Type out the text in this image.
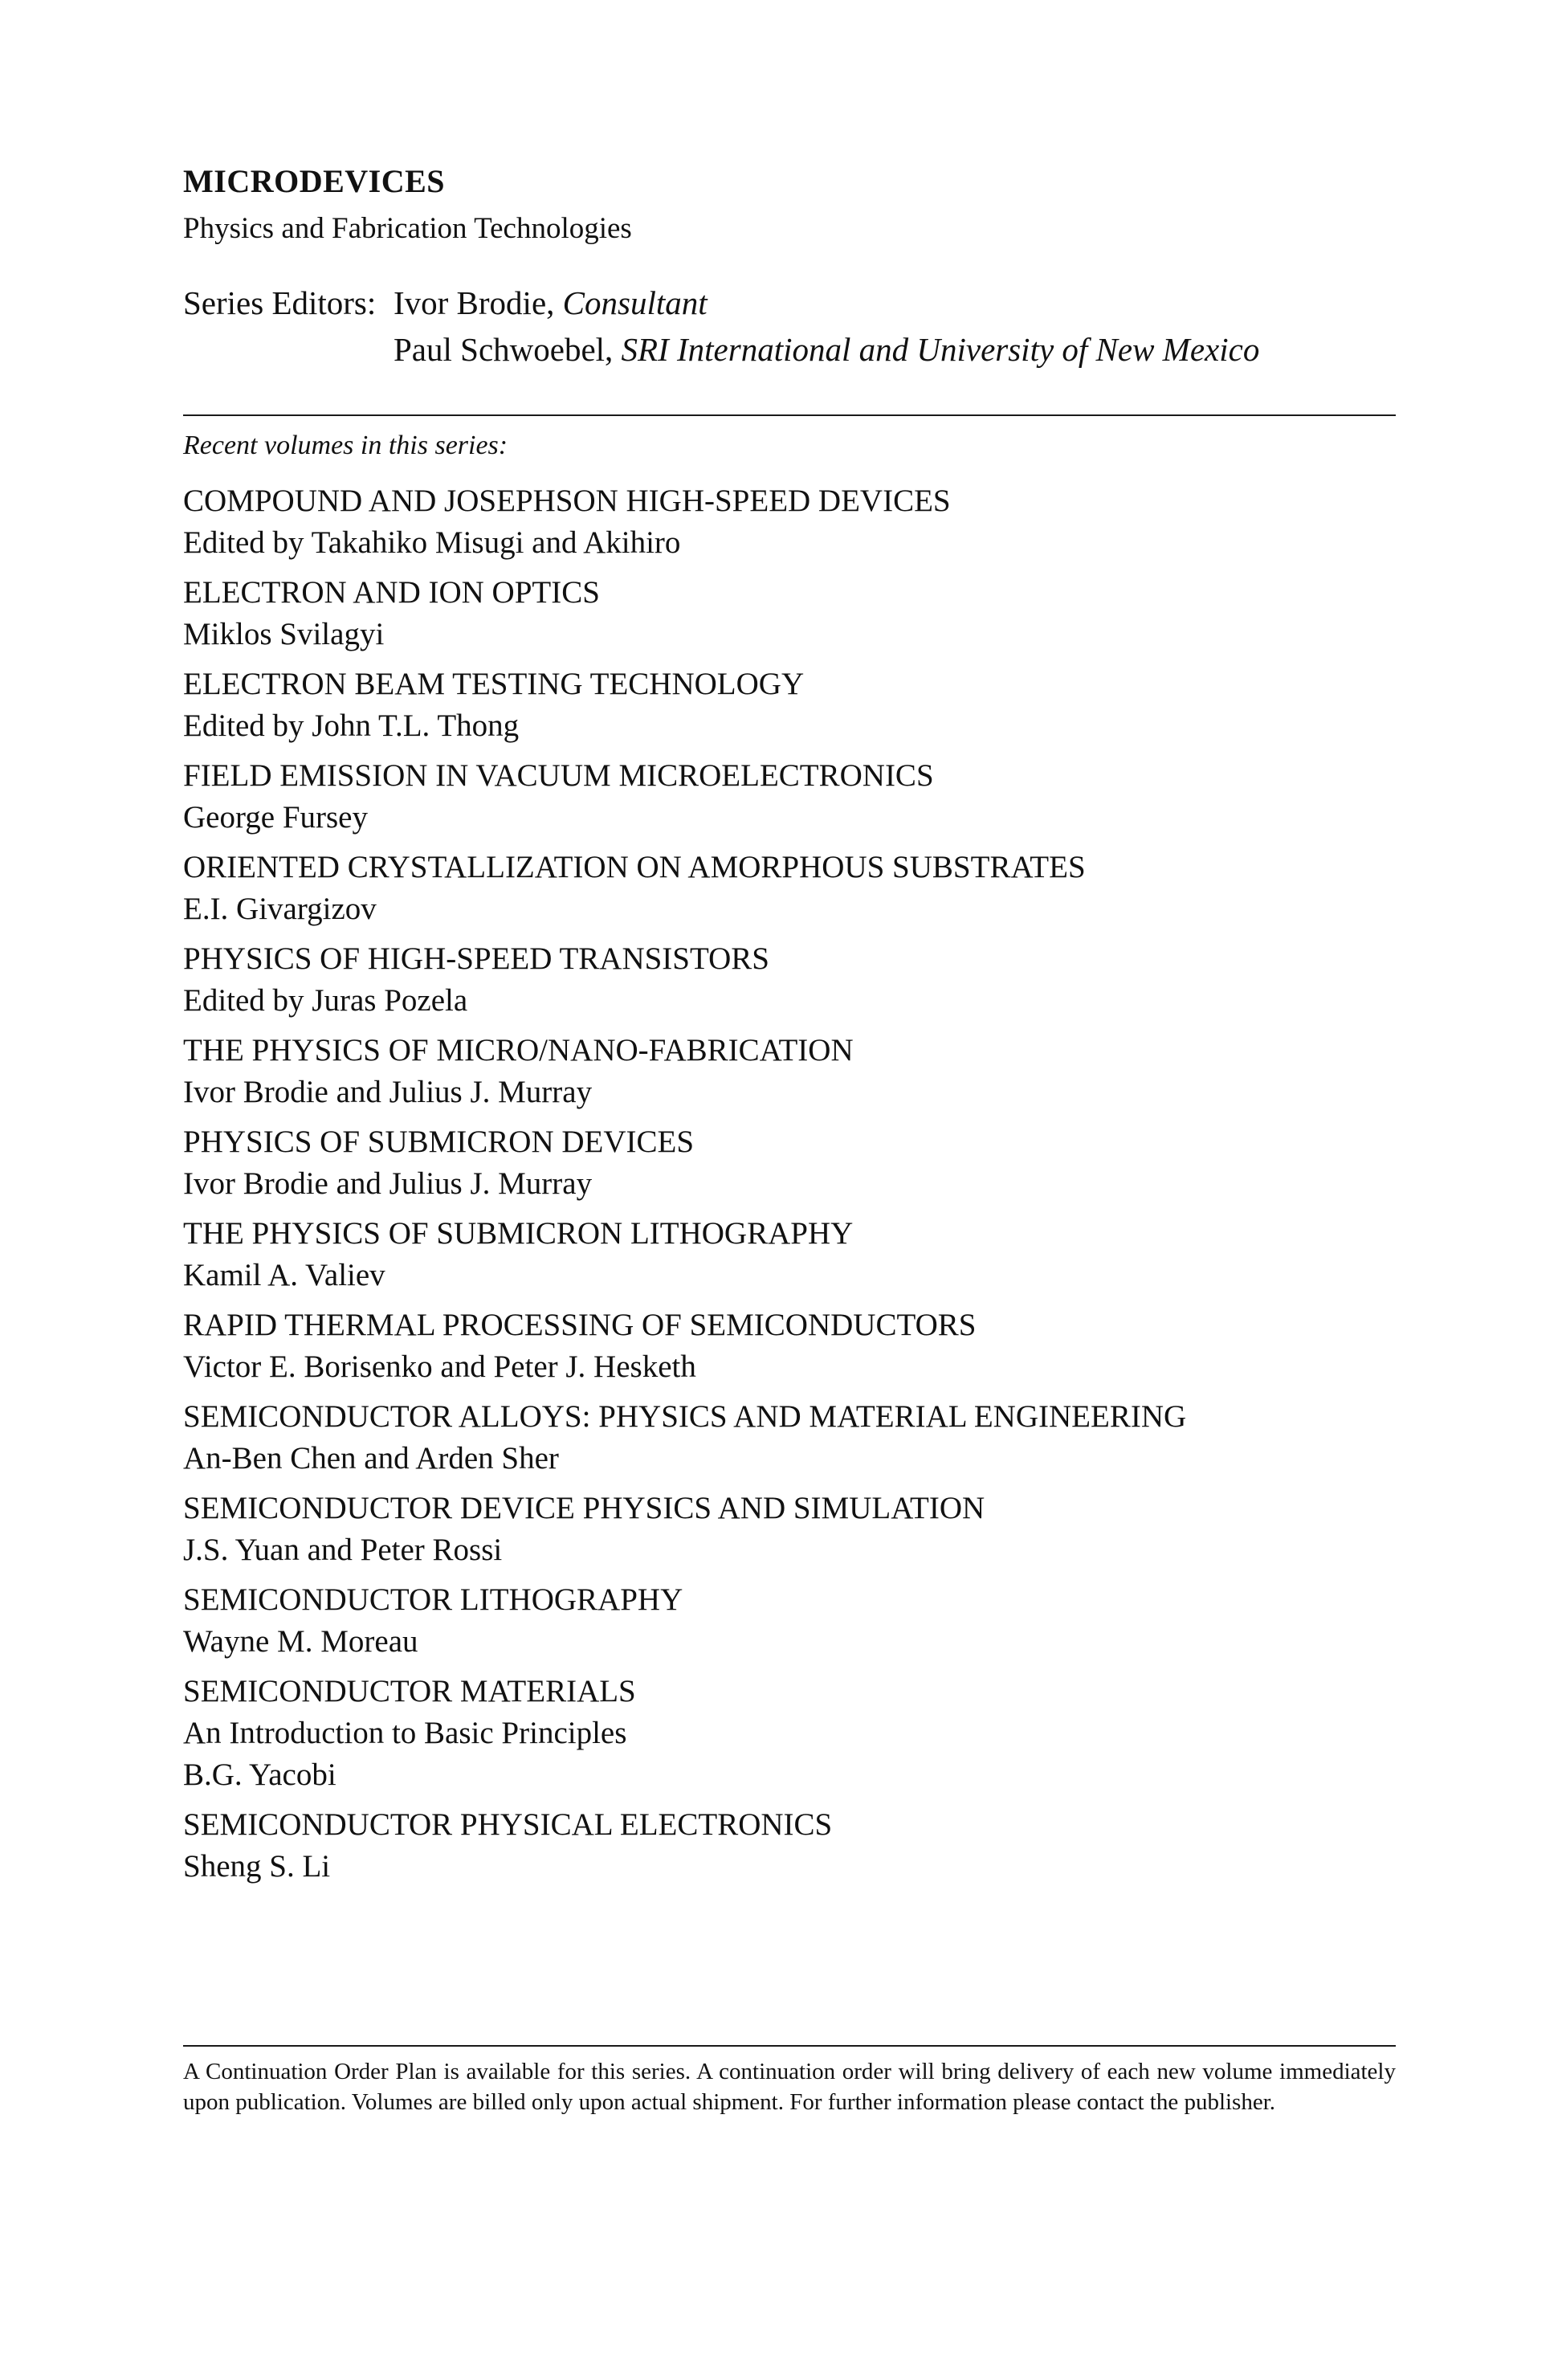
MICRODEVICES
Physics and Fabrication Technologies
Series Editors: Ivor Brodie, Consultant
Paul Schwoebel, SRI International and University of New Mexico
Recent volumes in this series:
COMPOUND AND JOSEPHSON HIGH-SPEED DEVICES
Edited by Takahiko Misugi and Akihiro
ELECTRON AND ION OPTICS
Miklos Svilagyi
ELECTRON BEAM TESTING TECHNOLOGY
Edited by John T.L. Thong
FIELD EMISSION IN VACUUM MICROELECTRONICS
George Fursey
ORIENTED CRYSTALLIZATION ON AMORPHOUS SUBSTRATES
E.I. Givargizov
PHYSICS OF HIGH-SPEED TRANSISTORS
Edited by Juras Pozela
THE PHYSICS OF MICRO/NANO-FABRICATION
Ivor Brodie and Julius J. Murray
PHYSICS OF SUBMICRON DEVICES
Ivor Brodie and Julius J. Murray
THE PHYSICS OF SUBMICRON LITHOGRAPHY
Kamil A. Valiev
RAPID THERMAL PROCESSING OF SEMICONDUCTORS
Victor E. Borisenko and Peter J. Hesketh
SEMICONDUCTOR ALLOYS: PHYSICS AND MATERIAL ENGINEERING
An-Ben Chen and Arden Sher
SEMICONDUCTOR DEVICE PHYSICS AND SIMULATION
J.S. Yuan and Peter Rossi
SEMICONDUCTOR LITHOGRAPHY
Wayne M. Moreau
SEMICONDUCTOR MATERIALS
An Introduction to Basic Principles
B.G. Yacobi
SEMICONDUCTOR PHYSICAL ELECTRONICS
Sheng S. Li
A Continuation Order Plan is available for this series. A continuation order will bring delivery of each new volume immediately upon publication. Volumes are billed only upon actual shipment. For further information please contact the publisher.
